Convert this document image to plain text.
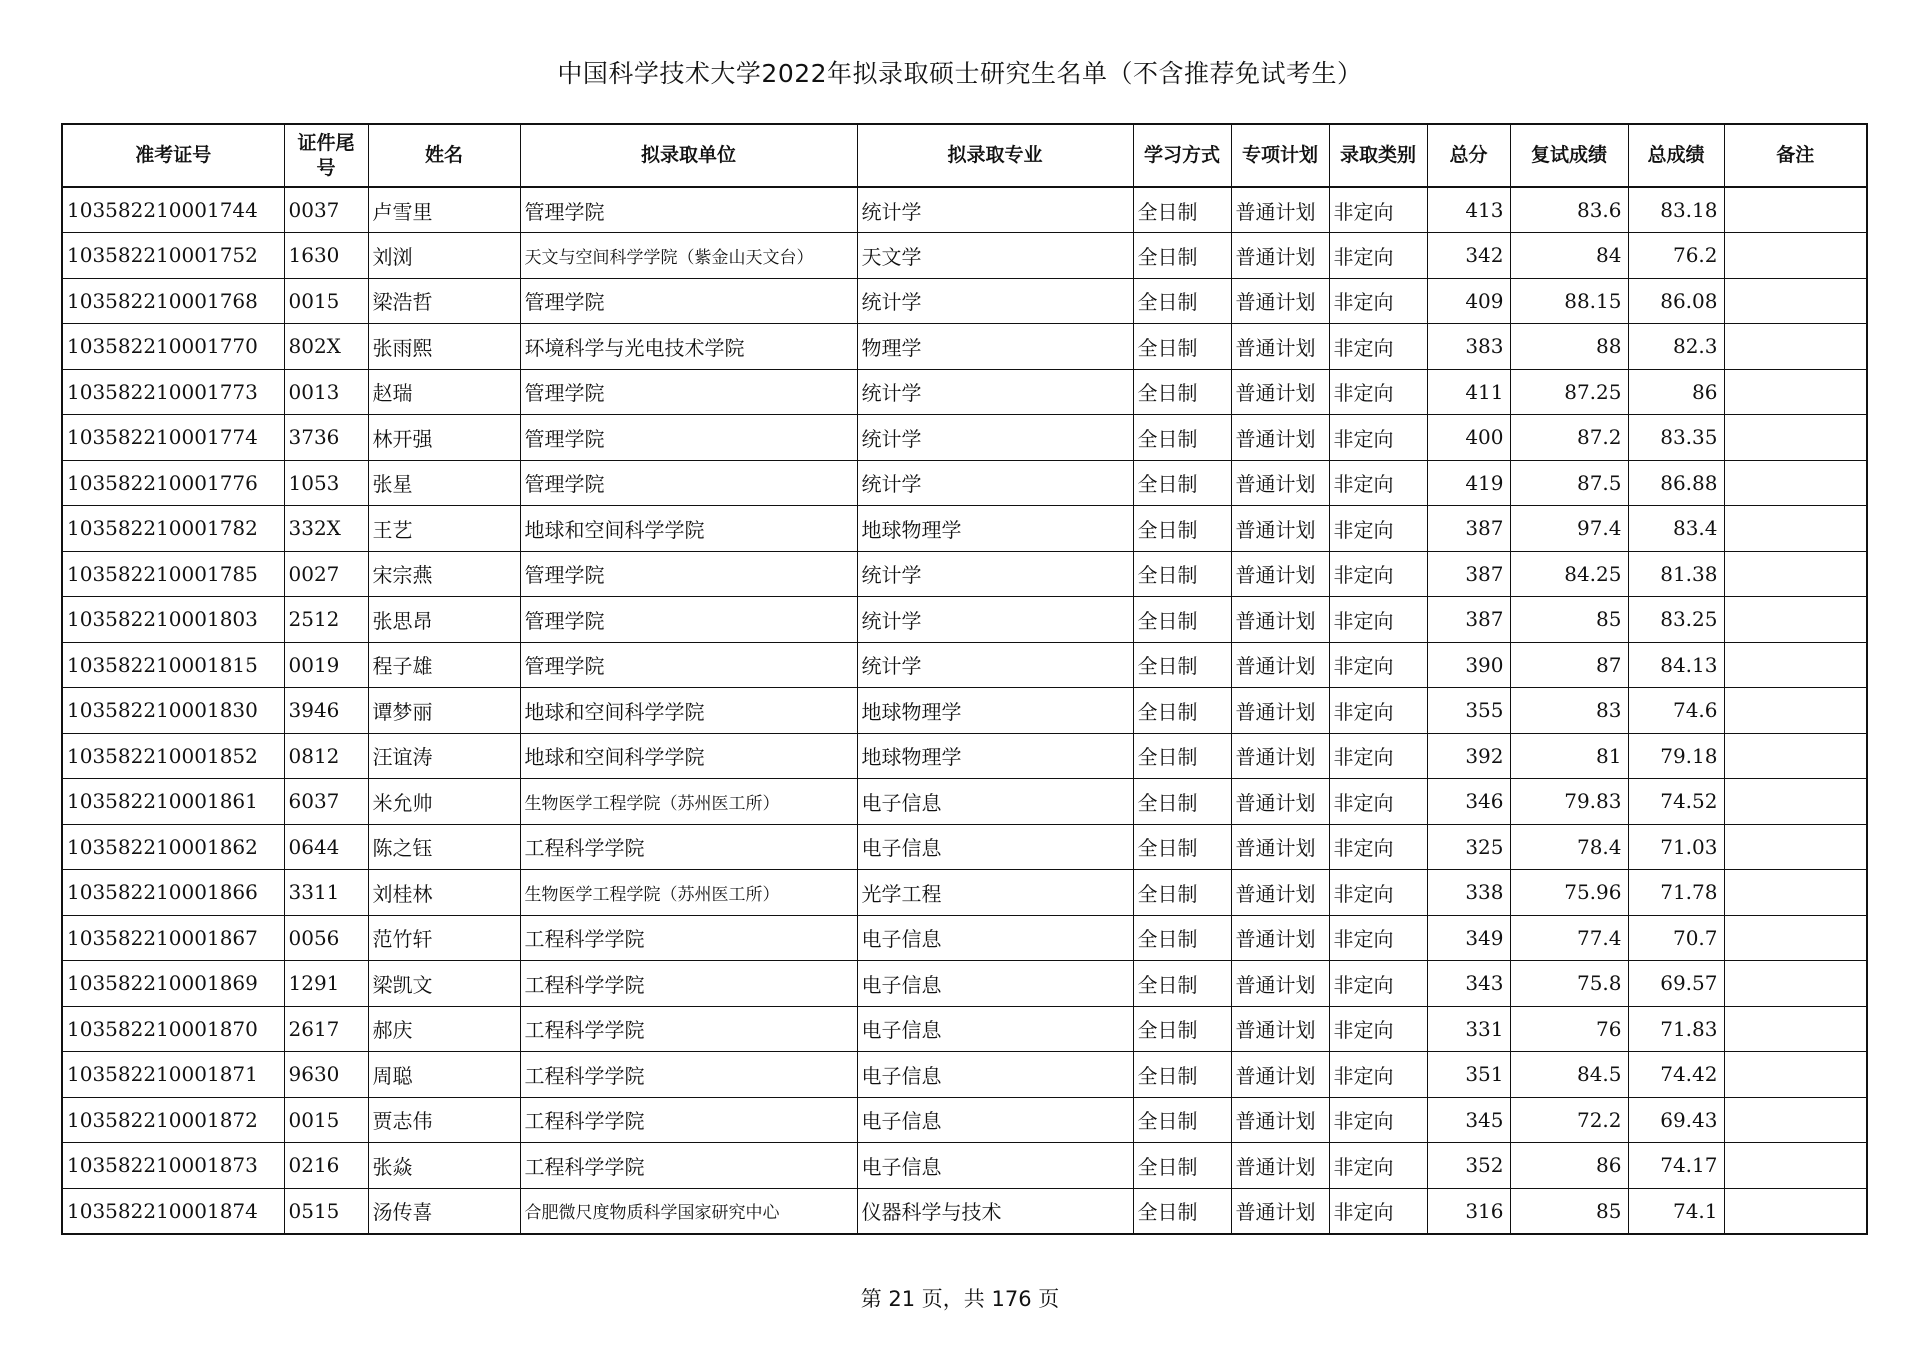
中国科学技术大学2022年拟录取硕士研究生名单（不含推荐免试考生）
准考证号	证件尾号	姓名	拟录取单位	拟录取专业	学习方式	专项计划	录取类别	总分	复试成绩	总成绩	备注
103582210001744	0037	卢雪里	管理学院	统计学	全日制	普通计划	非定向	413	83.6	83.18	
103582210001752	1630	刘浏	天文与空间科学学院（紫金山天文台）	天文学	全日制	普通计划	非定向	342	84	76.2	
103582210001768	0015	梁浩哲	管理学院	统计学	全日制	普通计划	非定向	409	88.15	86.08	
103582210001770	802X	张雨熙	环境科学与光电技术学院	物理学	全日制	普通计划	非定向	383	88	82.3	
103582210001773	0013	赵瑞	管理学院	统计学	全日制	普通计划	非定向	411	87.25	86	
103582210001774	3736	林开强	管理学院	统计学	全日制	普通计划	非定向	400	87.2	83.35	
103582210001776	1053	张星	管理学院	统计学	全日制	普通计划	非定向	419	87.5	86.88	
103582210001782	332X	王艺	地球和空间科学学院	地球物理学	全日制	普通计划	非定向	387	97.4	83.4	
103582210001785	0027	宋宗燕	管理学院	统计学	全日制	普通计划	非定向	387	84.25	81.38	
103582210001803	2512	张思昂	管理学院	统计学	全日制	普通计划	非定向	387	85	83.25	
103582210001815	0019	程子雄	管理学院	统计学	全日制	普通计划	非定向	390	87	84.13	
103582210001830	3946	谭梦丽	地球和空间科学学院	地球物理学	全日制	普通计划	非定向	355	83	74.6	
103582210001852	0812	汪谊涛	地球和空间科学学院	地球物理学	全日制	普通计划	非定向	392	81	79.18	
103582210001861	6037	米允帅	生物医学工程学院（苏州医工所）	电子信息	全日制	普通计划	非定向	346	79.83	74.52	
103582210001862	0644	陈之钰	工程科学学院	电子信息	全日制	普通计划	非定向	325	78.4	71.03	
103582210001866	3311	刘桂林	生物医学工程学院（苏州医工所）	光学工程	全日制	普通计划	非定向	338	75.96	71.78	
103582210001867	0056	范竹轩	工程科学学院	电子信息	全日制	普通计划	非定向	349	77.4	70.7	
103582210001869	1291	梁凯文	工程科学学院	电子信息	全日制	普通计划	非定向	343	75.8	69.57	
103582210001870	2617	郝庆	工程科学学院	电子信息	全日制	普通计划	非定向	331	76	71.83	
103582210001871	9630	周聪	工程科学学院	电子信息	全日制	普通计划	非定向	351	84.5	74.42	
103582210001872	0015	贾志伟	工程科学学院	电子信息	全日制	普通计划	非定向	345	72.2	69.43	
103582210001873	0216	张焱	工程科学学院	电子信息	全日制	普通计划	非定向	352	86	74.17	
103582210001874	0515	汤传喜	合肥微尺度物质科学国家研究中心	仪器科学与技术	全日制	普通计划	非定向	316	85	74.1	
第 21 页，共 176 页
